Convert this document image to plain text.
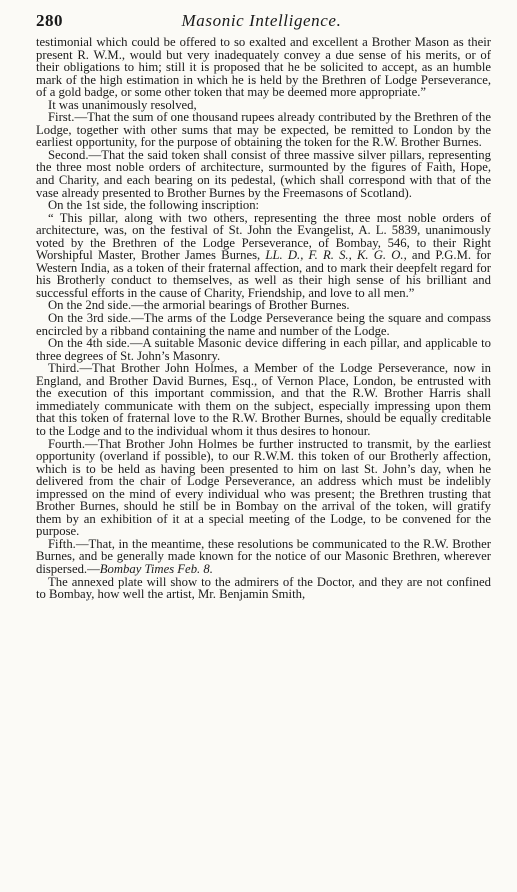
280	Masonic Intelligence.

testimonial which could be offered to so exalted and excellent a Brother Mason as their present R. W.M., would but very inadequately convey a due sense of his merits, or of their obligations to him; still it is proposed that he be solicited to accept, as an humble mark of the high estimation in which he is held by the Brethren of Lodge Perseverance, of a gold badge, or some other token that may be deemed more appropriate.”

It was unanimously resolved,

First.—That the sum of one thousand rupees already contributed by the Brethren of the Lodge, together with other sums that may be expected, be remitted to London by the earliest opportunity, for the purpose of obtaining the token for the R.W. Brother Burnes.

Second.—That the said token shall consist of three massive silver pillars, representing the three most noble orders of architecture, surmounted by the figures of Faith, Hope, and Charity, and each bearing on its pedestal, (which shall correspond with that of the vase already presented to Brother Burnes by the Freemasons of Scotland).

On the 1st side, the following inscription:

“ This pillar, along with two others, representing the three most noble orders of architecture, was, on the festival of St. John the Evangelist, A. L. 5839, unanimously voted by the Brethren of the Lodge Perseverance, of Bombay, 546, to their Right Worshipful Master, Brother James Burnes, LL. D., F. R. S., K. G. O., and P.G.M. for Western India, as a token of their fraternal affection, and to mark their deepfelt regard for his Brotherly conduct to themselves, as well as their high sense of his brilliant and successful efforts in the cause of Charity, Friendship, and love to all men.”

On the 2nd side.—the armorial bearings of Brother Burnes.

On the 3rd side.—The arms of the Lodge Perseverance being the square and compass encircled by a ribband containing the name and number of the Lodge.

On the 4th side.—A suitable Masonic device differing in each pillar, and applicable to three degrees of St. John’s Masonry.

Third.—That Brother John Holmes, a Member of the Lodge Perseverance, now in England, and Brother David Burnes, Esq., of Vernon Place, London, be entrusted with the execution of this important commission, and that the R.W. Brother Harris shall immediately communicate with them on the subject, especially impressing upon them that this token of fraternal love to the R.W. Brother Burnes, should be equally creditable to the Lodge and to the individual whom it thus desires to honour.

Fourth.—That Brother John Holmes be further instructed to transmit, by the earliest opportunity (overland if possible), to our R.W.M. this token of our Brotherly affection, which is to be held as having been presented to him on last St. John’s day, when he delivered from the chair of Lodge Perseverance, an address which must be indelibly impressed on the mind of every individual who was present; the Brethren trusting that Brother Burnes, should he still be in Bombay on the arrival of the token, will gratify them by an exhibition of it at a special meeting of the Lodge, to be convened for the purpose.

Fifth.—That, in the meantime, these resolutions be communicated to the R.W. Brother Burnes, and be generally made known for the notice of our Masonic Brethren, wherever dispersed.—Bombay Times Feb. 8.

The annexed plate will show to the admirers of the Doctor, and they are not confined to Bombay, how well the artist, Mr. Benjamin Smith,
